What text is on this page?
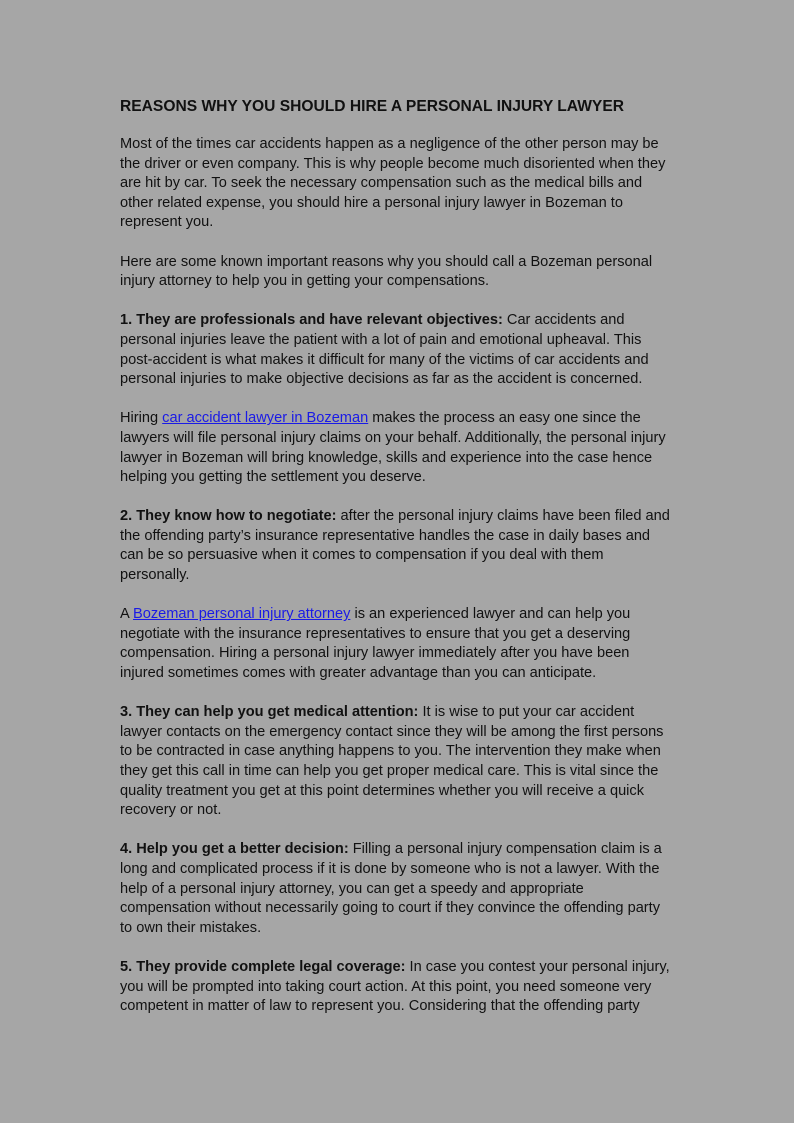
REASONS WHY YOU SHOULD HIRE A PERSONAL INJURY LAWYER

Most of the times car accidents happen as a negligence of the other person may be the driver or even company. This is why people become much disoriented when they are hit by car. To seek the necessary compensation such as the medical bills and other related expense, you should hire a personal injury lawyer in Bozeman to represent you.

Here are some known important reasons why you should call a Bozeman personal injury attorney to help you in getting your compensations.

1. They are professionals and have relevant objectives: Car accidents and personal injuries leave the patient with a lot of pain and emotional upheaval. This post-accident is what makes it difficult for many of the victims of car accidents and personal injuries to make objective decisions as far as the accident is concerned.

Hiring car accident lawyer in Bozeman makes the process an easy one since the lawyers will file personal injury claims on your behalf. Additionally, the personal injury lawyer in Bozeman will bring knowledge, skills and experience into the case hence helping you getting the settlement you deserve.

2. They know how to negotiate: after the personal injury claims have been filed and the offending party’s insurance representative handles the case in daily bases and can be so persuasive when it comes to compensation if you deal with them personally.

A Bozeman personal injury attorney is an experienced lawyer and can help you negotiate with the insurance representatives to ensure that you get a deserving compensation. Hiring a personal injury lawyer immediately after you have been injured sometimes comes with greater advantage than you can anticipate.

3. They can help you get medical attention: It is wise to put your car accident lawyer contacts on the emergency contact since they will be among the first persons to be contracted in case anything happens to you. The intervention they make when they get this call in time can help you get proper medical care. This is vital since the quality treatment you get at this point determines whether you will receive a quick recovery or not.

4. Help you get a better decision: Filling a personal injury compensation claim is a long and complicated process if it is done by someone who is not a lawyer. With the help of a personal injury attorney, you can get a speedy and appropriate compensation without necessarily going to court if they convince the offending party to own their mistakes.

5. They provide complete legal coverage: In case you contest your personal injury, you will be prompted into taking court action. At this point, you need someone very competent in matter of law to represent you. Considering that the offending party
